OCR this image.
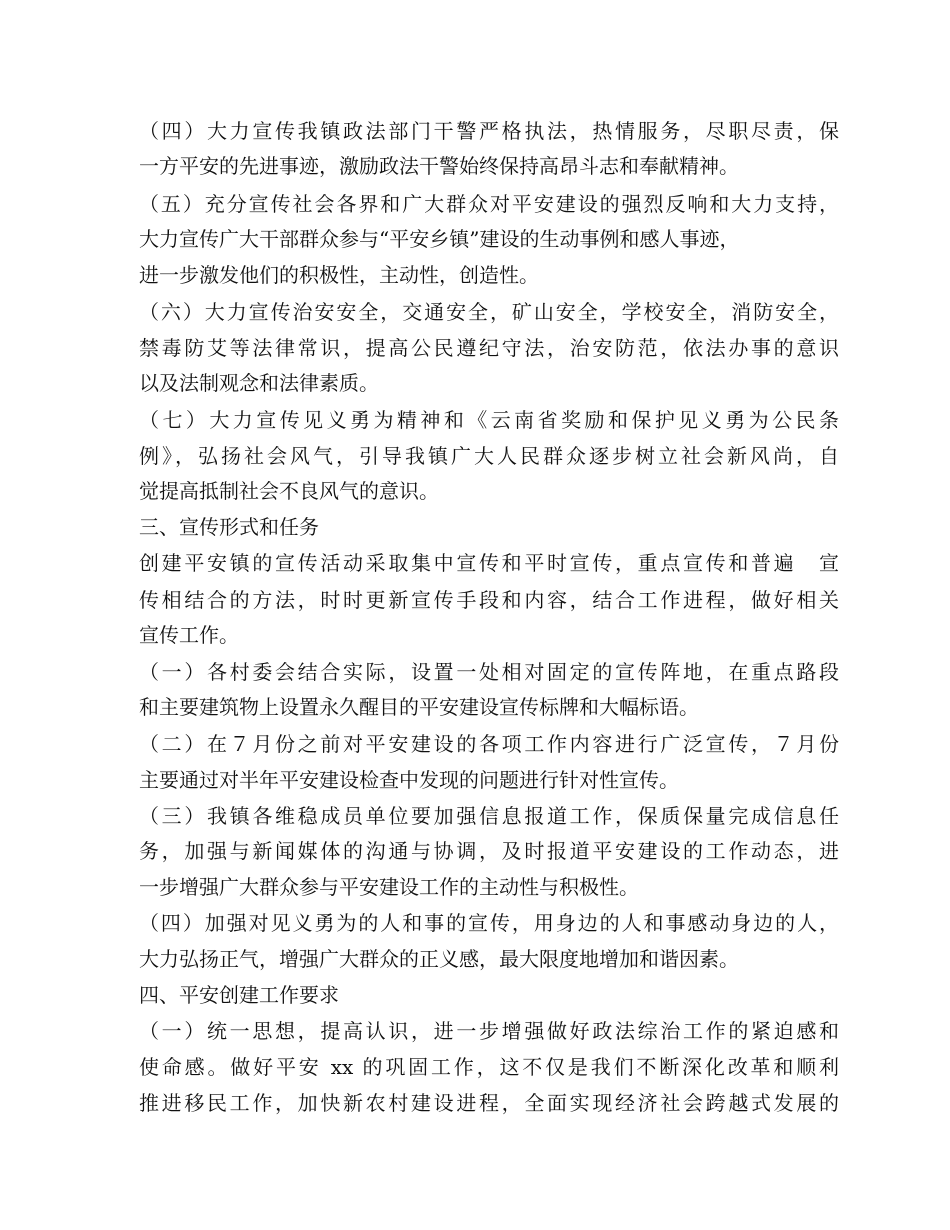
（四）大力宣传我镇政法部门干警严格执法，热情服务，尽职尽责，保
一方平安的先进事迹，激励政法干警始终保持高昂斗志和奉献精神。
（五）充分宣传社会各界和广大群众对平安建设的强烈反响和大力支持，
大力宣传广大干部群众参与“平安乡镇”建设的生动事例和感人事迹，
进一步激发他们的积极性，主动性，创造性。
（六）大力宣传治安安全，交通安全，矿山安全，学校安全，消防安全，
禁毒防艾等法律常识，提高公民遵纪守法，治安防范，依法办事的意识
以及法制观念和法律素质。
（七）大力宣传见义勇为精神和《云南省奖励和保护见义勇为公民条
例》，弘扬社会风气，引导我镇广大人民群众逐步树立社会新风尚，自
觉提高抵制社会不良风气的意识。
三、宣传形式和任务
创建平安镇的宣传活动采取集中宣传和平时宣传，重点宣传和普遍　宣
传相结合的方法，时时更新宣传手段和内容，结合工作进程，做好相关
宣传工作。
（一）各村委会结合实际，设置一处相对固定的宣传阵地，在重点路段
和主要建筑物上设置永久醒目的平安建设宣传标牌和大幅标语。
（二）在７月份之前对平安建设的各项工作内容进行广泛宣传，７月份
主要通过对半年平安建设检查中发现的问题进行针对性宣传。
（三）我镇各维稳成员单位要加强信息报道工作，保质保量完成信息任
务，加强与新闻媒体的沟通与协调，及时报道平安建设的工作动态，进
一步增强广大群众参与平安建设工作的主动性与积极性。
（四）加强对见义勇为的人和事的宣传，用身边的人和事感动身边的人，
大力弘扬正气，增强广大群众的正义感，最大限度地增加和谐因素。
四、平安创建工作要求
（一）统一思想，提高认识，进一步增强做好政法综治工作的紧迫感和
使命感。做好平安 xx 的巩固工作，这不仅是我们不断深化改革和顺利
推进移民工作，加快新农村建设进程，全面实现经济社会跨越式发展的
